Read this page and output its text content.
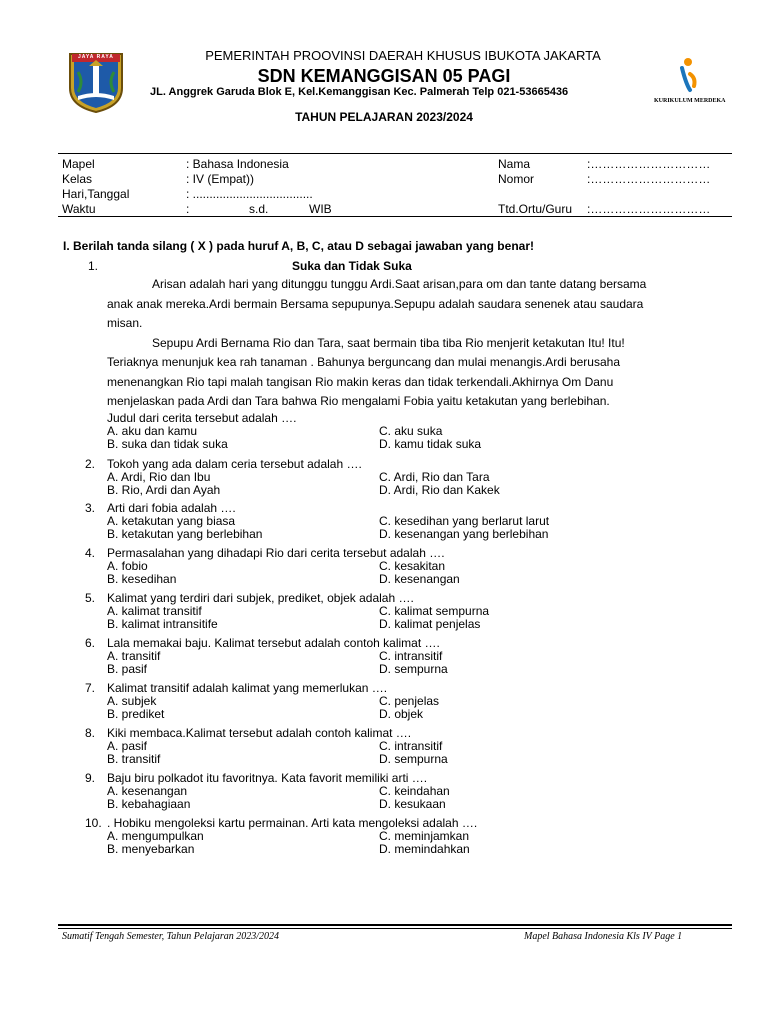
JAYA RAYA
KURIKULUM MERDEKA
PEMERINTAH PROOVINSI DAERAH KHUSUS IBUKOTA JAKARTA
SDN KEMANGGISAN 05 PAGI
JL. Anggrek Garuda Blok E, Kel.Kemanggisan Kec. Palmerah Telp 021-53665436
TAHUN PELAJARAN 2023/2024
Mapel	: Bahasa Indonesia	Nama	:…………………………
Kelas	: IV (Empat))	Nomor	:…………………………
Hari,Tanggal	: ....................................
Waktu	:	s.d.	WIB	Ttd.Ortu/Guru :…………………………
I. Berilah tanda silang ( X ) pada huruf A, B, C, atau D sebagai jawaban yang benar!
1.	Suka dan Tidak Suka
Arisan adalah hari yang ditunggu tunggu Ardi.Saat arisan,para om dan tante datang bersama
anak anak mereka.Ardi bermain Bersama sepupunya.Sepupu adalah saudara senenek atau saudara
misan.
Sepupu Ardi Bernama Rio dan Tara, saat bermain tiba tiba Rio menjerit ketakutan Itu! Itu!
Teriaknya menunjuk kea rah tanaman . Bahunya berguncang dan mulai menangis.Ardi berusaha
menenangkan Rio tapi malah tangisan Rio makin keras dan tidak terkendali.Akhirnya Om Danu
menjelaskan pada Ardi dan Tara bahwa Rio mengalami Fobia yaitu ketakutan yang berlebihan.
Judul dari cerita tersebut adalah ….
A. aku dan kamu
B. suka dan tidak suka
C. aku suka
D. kamu tidak suka
2. Tokoh yang ada dalam ceria tersebut adalah ….
A. Ardi, Rio dan Ibu
B. Rio, Ardi dan Ayah
C. Ardi, Rio dan Tara
D. Ardi, Rio dan Kakek
3. Arti dari fobia adalah ….
A. ketakutan yang biasa
B. ketakutan yang berlebihan
C. kesedihan yang berlarut larut
D. kesenangan yang berlebihan
4. Permasalahan yang dihadapi Rio dari cerita tersebut adalah ….
A. fobio
B. kesedihan
C. kesakitan
D. kesenangan
5. Kalimat yang terdiri dari subjek, prediket, objek adalah ….
A. kalimat transitif
B. kalimat intransitife
C. kalimat sempurna
D. kalimat penjelas
6. Lala memakai baju. Kalimat tersebut adalah contoh kalimat ….
A. transitif
B. pasif
C. intransitif
D. sempurna
7. Kalimat transitif adalah kalimat yang memerlukan ….
A. subjek
B. prediket
C. penjelas
D. objek
8. Kiki membaca.Kalimat tersebut adalah contoh kalimat ….
A. pasif
B. transitif
C. intransitif
D. sempurna
9. Baju biru polkadot itu favoritnya. Kata favorit memiliki arti ….
A. kesenangan
B. kebahagiaan
C. keindahan
D. kesukaan
10. . Hobiku mengoleksi kartu permainan. Arti kata mengoleksi adalah ….
A. mengumpulkan
B. menyebarkan
C. meminjamkan
D. memindahkan
Sumatif Tengah Semester, Tahun Pelajaran 2023/2024	Mapel Bahasa Indonesia Kls IV Page 1
